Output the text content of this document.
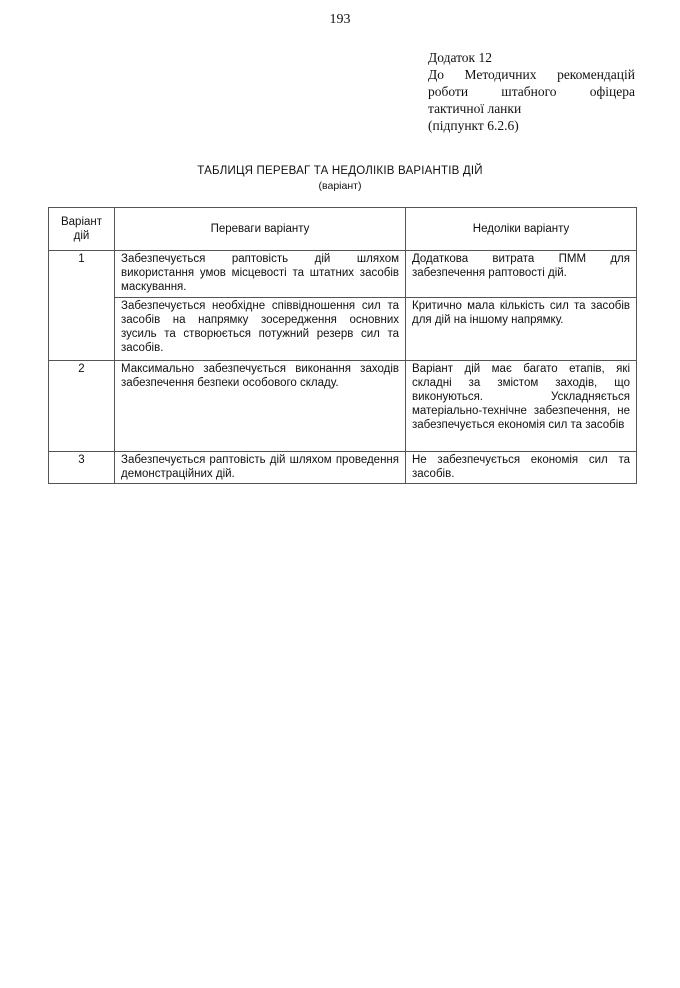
193
Додаток 12
До Методичних рекомендацій
роботи штабного офіцера
тактичної ланки
(підпункт 6.2.6)
ТАБЛИЦЯ ПЕРЕВАГ ТА НЕДОЛІКІВ ВАРІАНТІВ ДІЙ
(варіант)
Варіант дій	Переваги варіанту	Недоліки варіанту
1	Забезпечується раптовість дій шляхом використання умов місцевості та штатних засобів маскування.	Додаткова витрата ПММ для забезпечення раптовості дій.
	Забезпечується необхідне співвідношення сил та засобів на напрямку зосередження основних зусиль та створюється потужний резерв сил та засобів.	Критично мала кількість сил та засобів для дій на іншому напрямку.
2	Максимально забезпечується виконання заходів забезпечення безпеки особового складу.	Варіант дій має багато етапів, які складні за змістом заходів, що виконуються. Ускладняється матеріально-технічне забезпечення, не забезпечується економія сил та засобів
3	Забезпечується раптовість дій шляхом проведення демонстраційних дій.	Не забезпечується економія сил та засобів.
